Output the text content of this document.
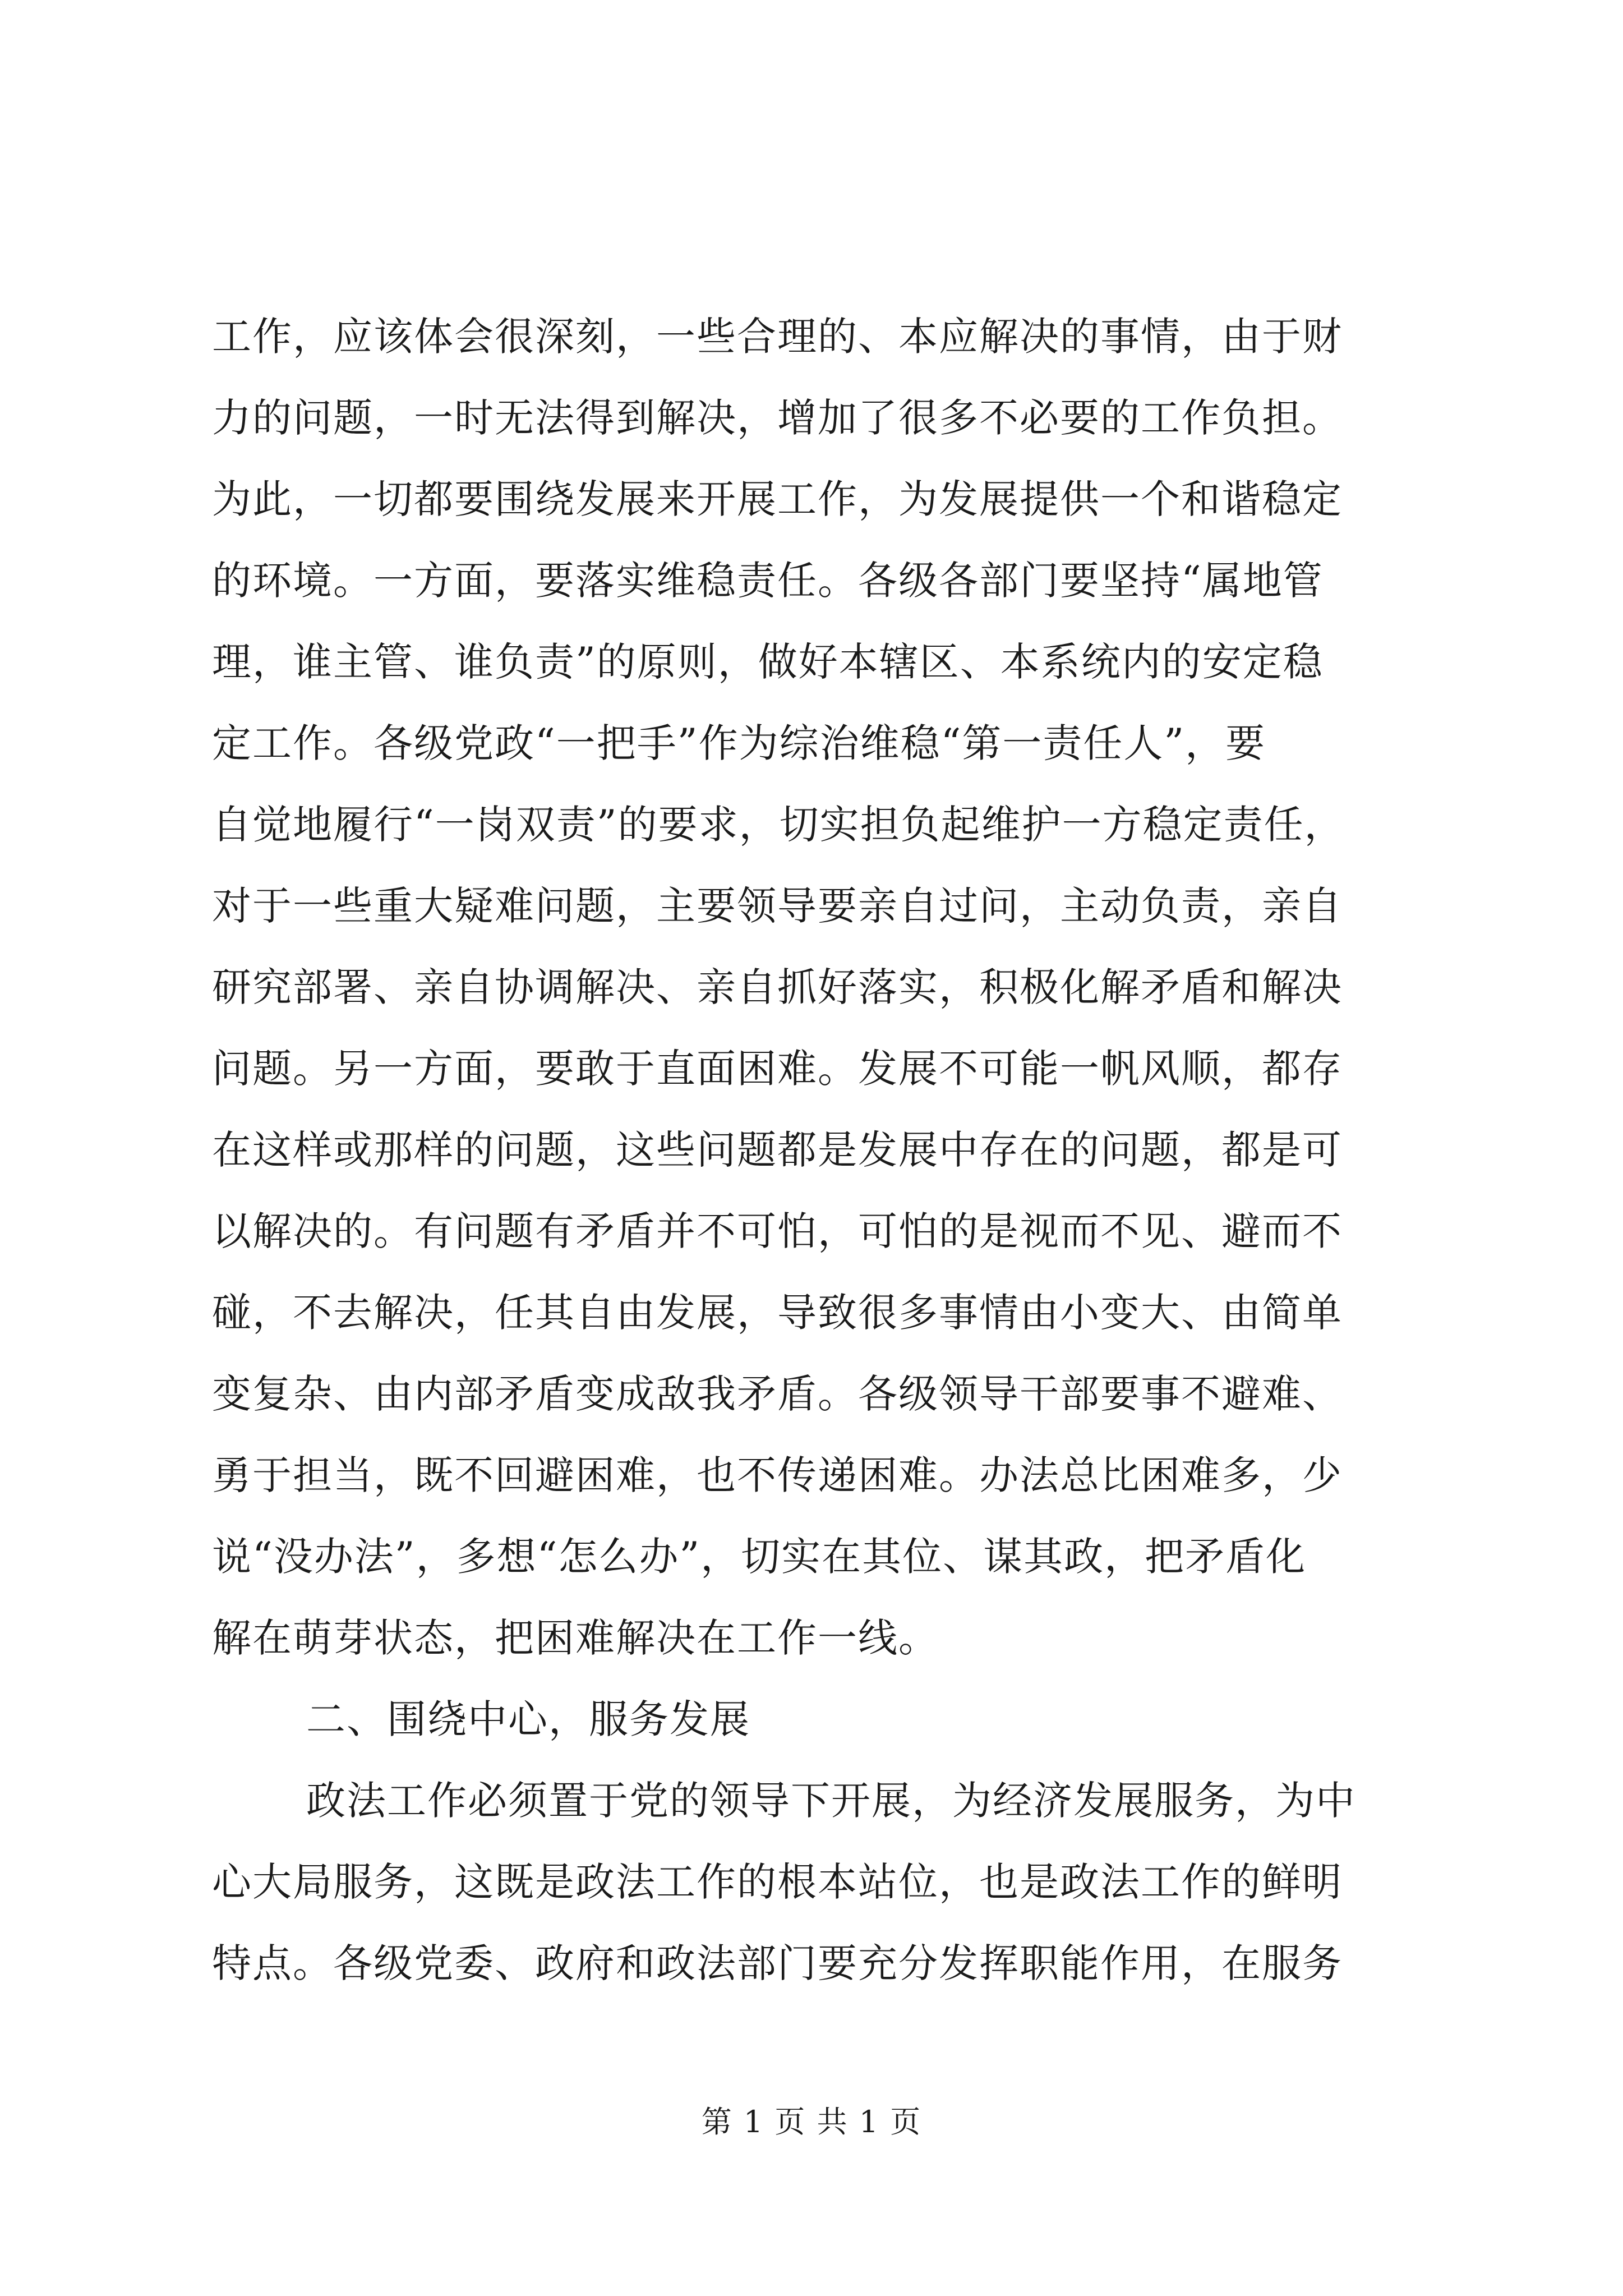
工作，应该体会很深刻，一些合理的、本应解决的事情，由于财
力的问题，一时无法得到解决，增加了很多不必要的工作负担。
为此，一切都要围绕发展来开展工作，为发展提供一个和谐稳定
的环境。一方面，要落实维稳责任。各级各部门要坚持“属地管
理，谁主管、谁负责”的原则，做好本辖区、本系统内的安定稳
定工作。各级党政“一把手”作为综治维稳“第一责任人”，要
自觉地履行“一岗双责”的要求，切实担负起维护一方稳定责任，
对于一些重大疑难问题，主要领导要亲自过问，主动负责，亲自
研究部署、亲自协调解决、亲自抓好落实，积极化解矛盾和解决
问题。另一方面，要敢于直面困难。发展不可能一帆风顺，都存
在这样或那样的问题，这些问题都是发展中存在的问题，都是可
以解决的。有问题有矛盾并不可怕，可怕的是视而不见、避而不
碰，不去解决，任其自由发展，导致很多事情由小变大、由简单
变复杂、由内部矛盾变成敌我矛盾。各级领导干部要事不避难、
勇于担当，既不回避困难，也不传递困难。办法总比困难多，少
说“没办法”，多想“怎么办”，切实在其位、谋其政，把矛盾化
解在萌芽状态，把困难解决在工作一线。
二、围绕中心，服务发展
政法工作必须置于党的领导下开展，为经济发展服务，为中
心大局服务，这既是政法工作的根本站位，也是政法工作的鲜明
特点。各级党委、政府和政法部门要充分发挥职能作用，在服务
第 1 页 共 1 页
